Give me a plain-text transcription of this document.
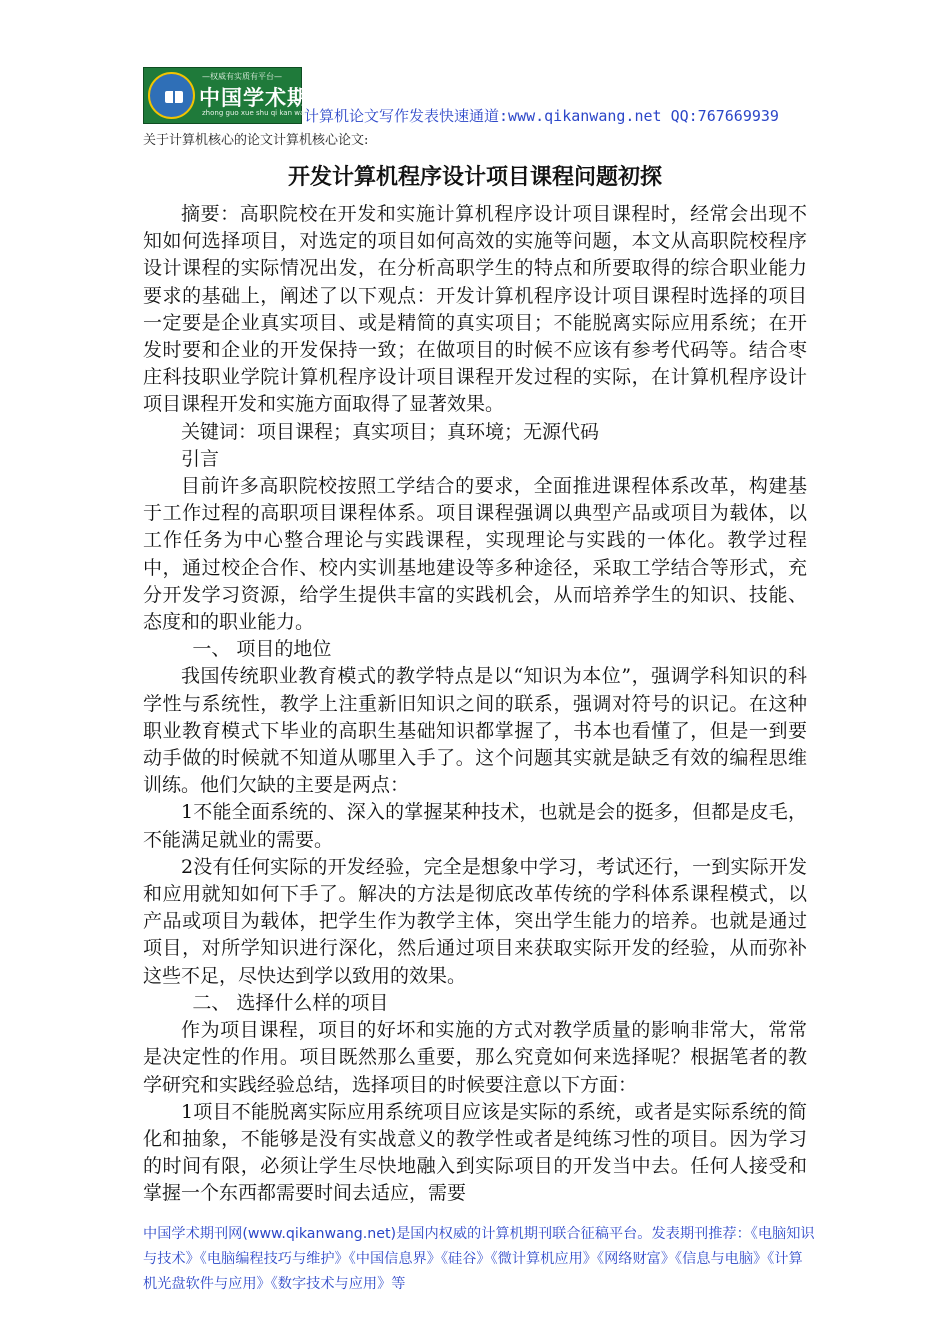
—权威有实质有平台—
中国学术期刊网
zhong guo xue shu qi kan wang
计算机论文写作发表快速通道:www.qikanwang.net QQ:767669939
关于计算机核心的论文计算机核心论文:
开发计算机程序设计项目课程问题初探

摘要：高职院校在开发和实施计算机程序设计项目课程时，经常会出现不知如何选择项目，对选定的项目如何高效的实施等问题，本文从高职院校程序设计课程的实际情况出发，在分析高职学生的特点和所要取得的综合职业能力要求的基础上，阐述了以下观点：开发计算机程序设计项目课程时选择的项目一定要是企业真实项目、或是精简的真实项目；不能脱离实际应用系统；在开发时要和企业的开发保持一致；在做项目的时候不应该有参考代码等。结合枣庄科技职业学院计算机程序设计项目课程开发过程的实际，在计算机程序设计项目课程开发和实施方面取得了显著效果。

关键词：项目课程；真实项目；真环境；无源代码

引言

目前许多高职院校按照工学结合的要求，全面推进课程体系改革，构建基于工作过程的高职项目课程体系。项目课程强调以典型产品或项目为载体，以工作任务为中心整合理论与实践课程，实现理论与实践的一体化。教学过程中，通过校企合作、校内实训基地建设等多种途径，采取工学结合等形式，充分开发学习资源，给学生提供丰富的实践机会，从而培养学生的知识、技能、态度和的职业能力。

一、 项目的地位

我国传统职业教育模式的教学特点是以“知识为本位”，强调学科知识的科学性与系统性，教学上注重新旧知识之间的联系，强调对符号的识记。在这种职业教育模式下毕业的高职生基础知识都掌握了，书本也看懂了，但是一到要动手做的时候就不知道从哪里入手了。这个问题其实就是缺乏有效的编程思维训练。他们欠缺的主要是两点：

1不能全面系统的、深入的掌握某种技术，也就是会的挺多，但都是皮毛，不能满足就业的需要。

2没有任何实际的开发经验，完全是想象中学习，考试还行，一到实际开发和应用就知如何下手了。解决的方法是彻底改革传统的学科体系课程模式，以产品或项目为载体，把学生作为教学主体，突出学生能力的培养。也就是通过项目，对所学知识进行深化，然后通过项目来获取实际开发的经验，从而弥补这些不足，尽快达到学以致用的效果。

二、 选择什么样的项目

作为项目课程，项目的好坏和实施的方式对教学质量的影响非常大，常常是决定性的作用。项目既然那么重要，那么究竟如何来选择呢？根据笔者的教学研究和实践经验总结，选择项目的时候要注意以下方面：

1项目不能脱离实际应用系统项目应该是实际的系统，或者是实际系统的简化和抽象，不能够是没有实战意义的教学性或者是纯练习性的项目。因为学习的时间有限，必须让学生尽快地融入到实际项目的开发当中去。任何人接受和掌握一个东西都需要时间去适应，需要

中国学术期刊网(www.qikanwang.net)是国内权威的计算机期刊联合征稿平台。发表期刊推荐：《电脑知识与技术》《电脑编程技巧与维护》《中国信息界》《硅谷》《微计算机应用》《网络财富》《信息与电脑》《计算机光盘软件与应用》《数字技术与应用》等
